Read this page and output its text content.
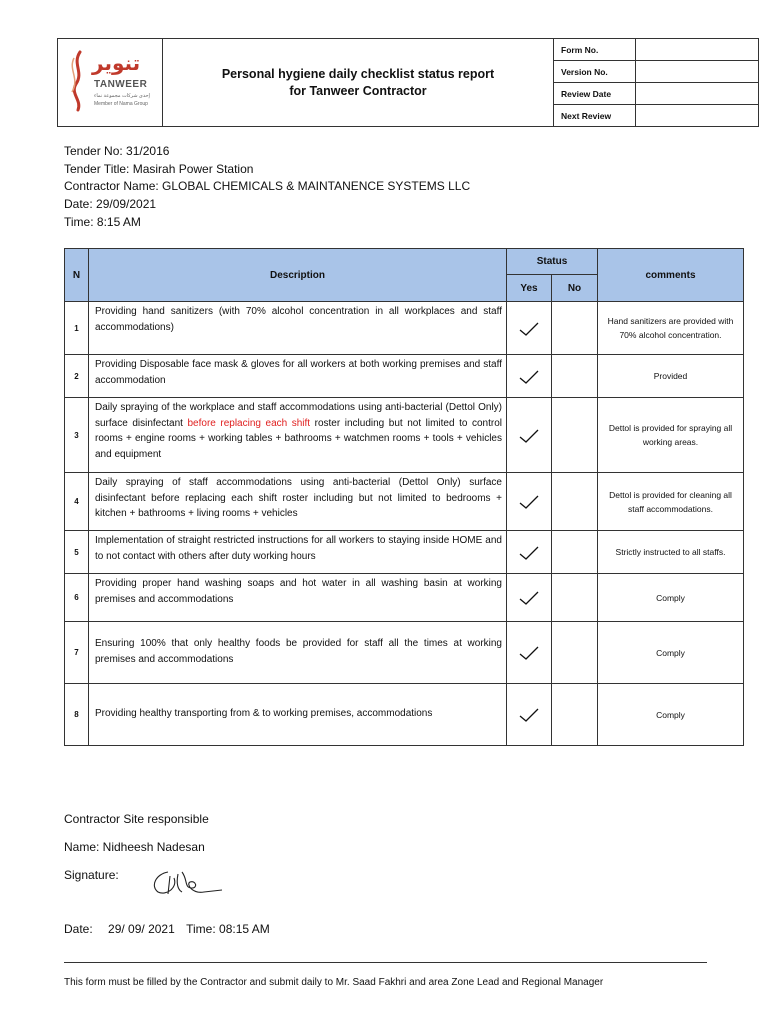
تنوير
TANWEER
إحدى شركات مجموعة نماء
Member of Nama Group
Personal hygiene daily checklist status report
for Tanweer Contractor
Form No.
Version No.
Review Date
Next Review
Tender No: 31/2016
Tender Title: Masirah Power Station
Contractor Name: GLOBAL CHEMICALS & MAINTANENCE SYSTEMS LLC
Date: 29/09/2021
Time: 8:15 AM
N	Description	Status		comments
		Yes	No	
1	Providing hand sanitizers (with 70% alcohol concentration in all workplaces and staff accommodations)			Hand sanitizers are provided with 70% alcohol concentration.
2	Providing Disposable face mask & gloves for all workers at both working premises and staff accommodation			Provided
3	Daily spraying of the workplace and staff accommodations using anti-bacterial (Dettol Only) surface disinfectant before replacing each shift roster including but not limited to control rooms + engine rooms + working tables + bathrooms + watchmen rooms + tools + vehicles and equipment			Dettol is provided for spraying all working areas.
4	Daily spraying of staff accommodations using anti-bacterial (Dettol Only) surface disinfectant before replacing each shift roster including but not limited to bedrooms + kitchen + bathrooms + living rooms + vehicles			Dettol is provided for cleaning all staff accommodations.
5	Implementation of straight restricted instructions for all workers to staying inside HOME and to not contact with others after duty working hours			Strictly instructed to all staffs.
6	Providing proper hand washing soaps and hot water in all washing basin at working premises and accommodations			Comply
7	Ensuring 100% that only healthy foods be provided for staff all the times at working premises and accommodations			Comply
8	Providing healthy transporting from & to working premises, accommodations			Comply
Contractor Site responsible
Name: Nidheesh Nadesan
Signature:
Date: 29/ 09/ 2021 Time: 08:15 AM
This form must be filled by the Contractor and submit daily to Mr. Saad Fakhri and area Zone Lead and Regional Manager
